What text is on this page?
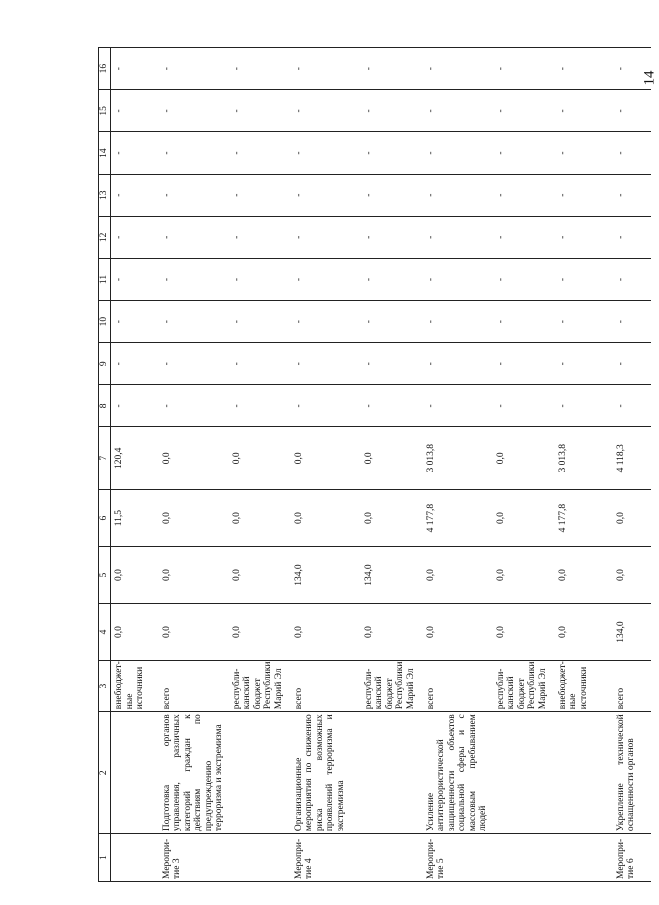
14
1	2	3	4	5	6	7	8	9	10	11	12	13	14	15	16
		внебюджет-
ные
источники	0,0	0,0	11,5	120,4	-	-	-	-	-	-	-	-	-
Меропри-
тие 3	Подготовка органов управления, различных категорий граждан к действиям по предупреждению терроризма и экстремизма	всего	0,0	0,0	0,0	0,0	-	-	-	-	-	-	-	-	-
		республи-
канский
бюджет
Республики
Марий Эл	0,0	0,0	0,0	0,0	-	-	-	-	-	-	-	-	-
Меропри-
тие 4	Организационные мероприятия по снижению риска возможных проявлений терроризма и экстремизма	всего	0,0	134,0	0,0	0,0	-	-	-	-	-	-	-	-	-
		республи-
канский
бюджет
Республики
Марий Эл	0,0	134,0	0,0	0,0	-	-	-	-	-	-	-	-	-
Меропри-
тие 5	Усиление антитеррористической защищенности объектов социальной сферы и с массовым пребыванием людей	всего	0,0	0,0	4 177,8	3 013,8	-	-	-	-	-	-	-	-	-
		республи-
канский
бюджет
Республики
Марий Эл	0,0	0,0	0,0	0,0	-	-	-	-	-	-	-	-	-
		внебюджет-
ные
источники	0,0	0,0	4 177,8	3 013,8	-	-	-	-	-	-	-	-	-
Меропри-
тие 6	Укрепление технической оснащенности органов	всего	134,0	0,0	0,0	4 118,3	-	-	-	-	-	-	-	-	-
